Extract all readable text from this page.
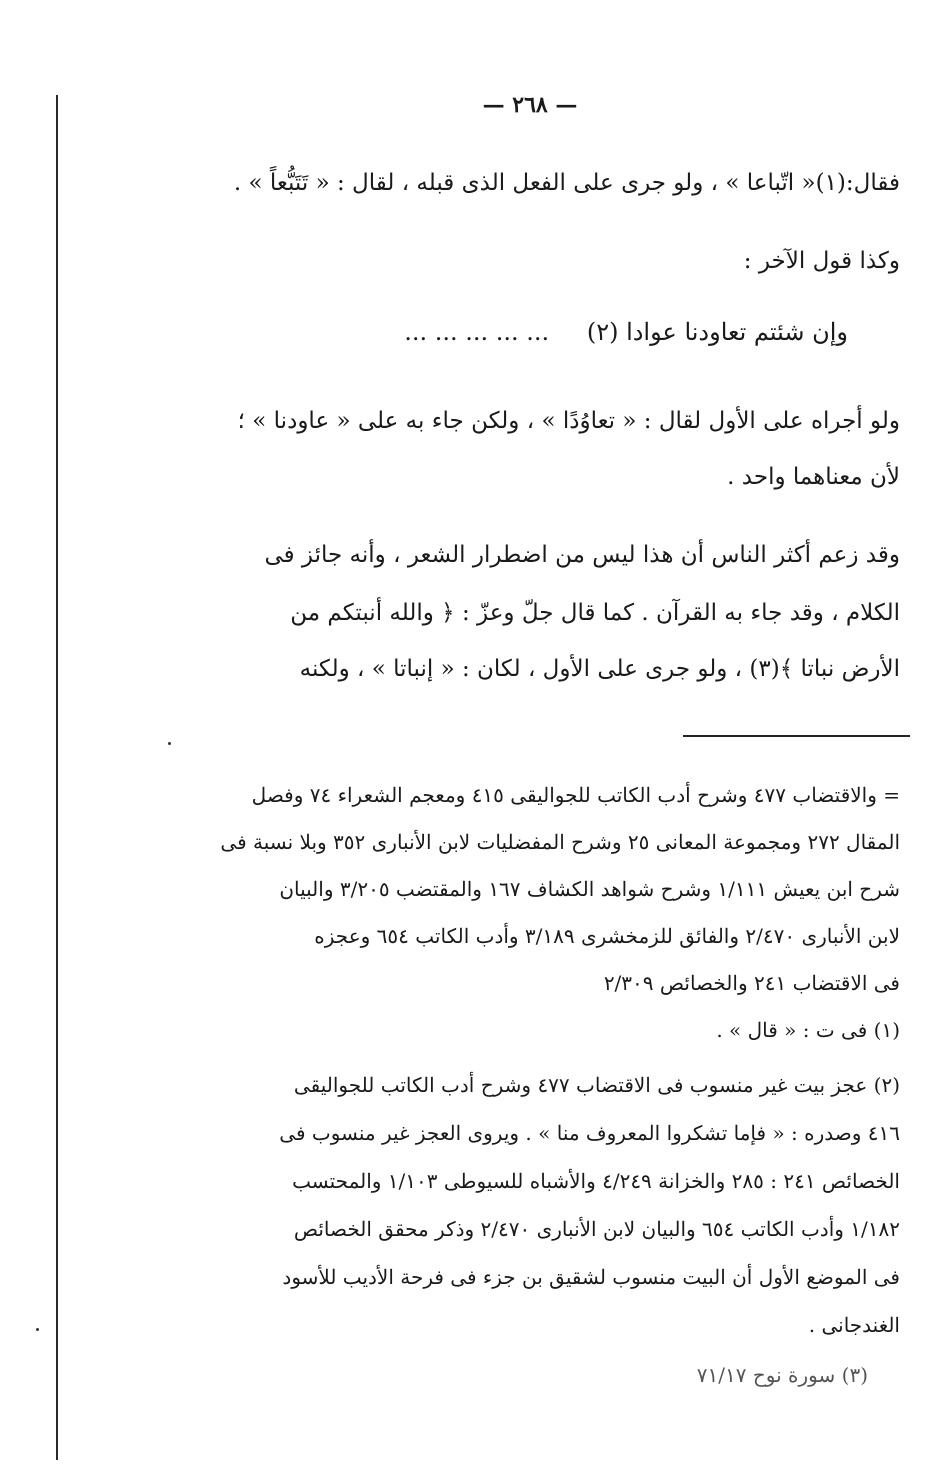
— ٢٦٨ —
فقال:(١)« اتّباعا » ، ولو جرى على الفعل الذى قبله ، لقال : « تَتَبُّعاً » .
وكذا قول الآخر :
وإن شئتم تعاودنا عوادا (٢) ... ... ... ... ...
ولو أجراه على الأول لقال : « تعاوُدًا » ، ولكن جاء به على « عاودنا » ؛
لأن معناهما واحد .
وقد زعم أكثر الناس أن هذا ليس من اضطرار الشعر ، وأنه جائز فى
الكلام ، وقد جاء به القرآن . كما قال جلّ وعزّ : ﴿ والله أنبتكم من
الأرض نباتا ﴾(٣) ، ولو جرى على الأول ، لكان : « إنباتا » ، ولكنه
= والاقتضاب ٤٧٧ وشرح أدب الكاتب للجواليقى ٤١٥ ومعجم الشعراء ٧٤ وفصل
المقال ٢٧٢ ومجموعة المعانى ٢٥ وشرح المفضليات لابن الأنبارى ٣٥٢ وبلا نسبة فى
شرح ابن يعيش ١/١١١ وشرح شواهد الكشاف ١٦٧ والمقتضب ٣/٢٠٥ والبيان
لابن الأنبارى ٢/٤٧٠ والفائق للزمخشرى ٣/١٨٩ وأدب الكاتب ٦٥٤ وعجزه
فى الاقتضاب ٢٤١ والخصائص ٢/٣٠٩
(١) فى ت : « قال » .
(٢) عجز بيت غير منسوب فى الاقتضاب ٤٧٧ وشرح أدب الكاتب للجواليقى
٤١٦ وصدره : « فإما تشكروا المعروف منا » . ويروى العجز غير منسوب فى
الخصائص ٢٤١ : ٢٨٥ والخزانة ٤/٢٤٩ والأشباه للسيوطى ١/١٠٣ والمحتسب
١/١٨٢ وأدب الكاتب ٦٥٤ والبيان لابن الأنبارى ٢/٤٧٠ وذكر محقق الخصائص
فى الموضع الأول أن البيت منسوب لشقيق بن جزء فى فرحة الأديب للأسود
الغندجانى .
(٣) سورة نوح ٧١/١٧
